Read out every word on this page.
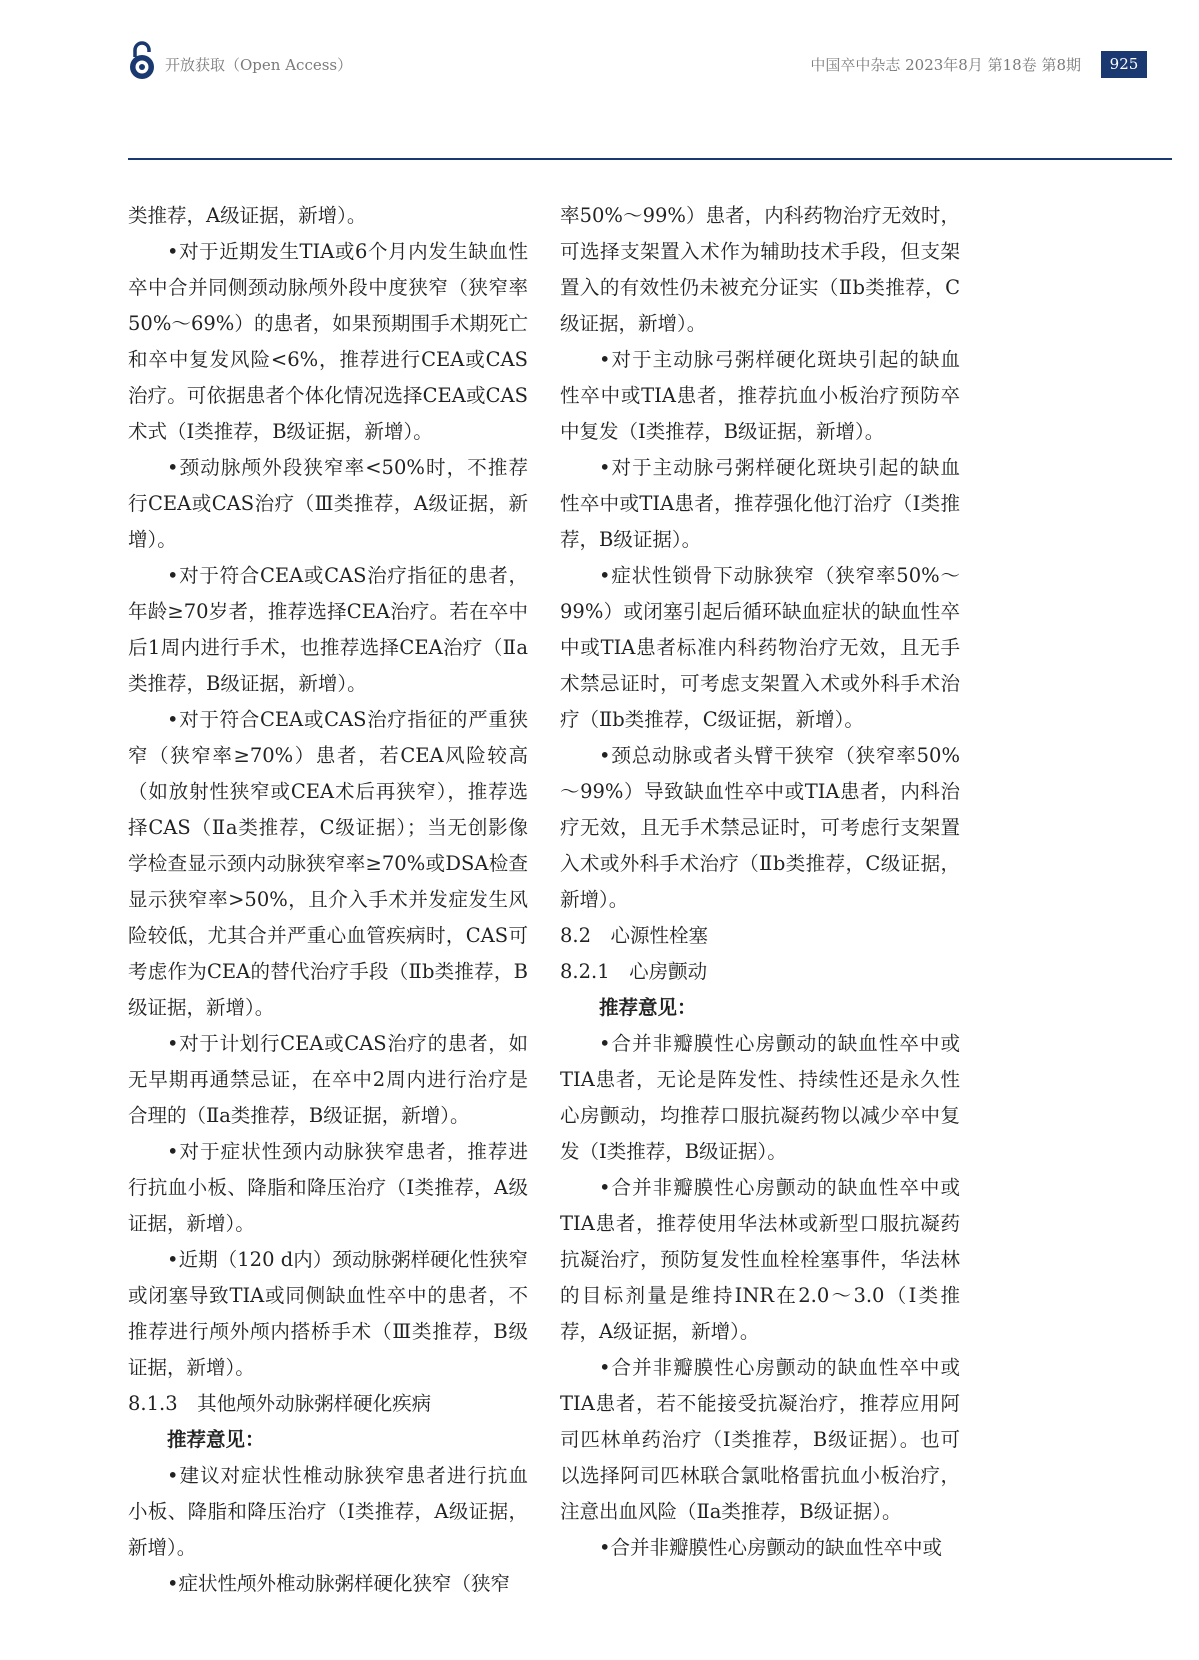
开放获取（Open Access）	中国卒中杂志 2023年8月 第18卷 第8期	925

类推荐，A级证据，新增）。

•对于近期发生TIA或6个月内发生缺血性卒中合并同侧颈动脉颅外段中度狭窄（狭窄率50%～69%）的患者，如果预期围手术期死亡和卒中复发风险<6%，推荐进行CEA或CAS治疗。可依据患者个体化情况选择CEA或CAS术式（Ⅰ类推荐，B级证据，新增）。

•颈动脉颅外段狭窄率<50%时，不推荐行CEA或CAS治疗（Ⅲ类推荐，A级证据，新增）。

•对于符合CEA或CAS治疗指征的患者，年龄≥70岁者，推荐选择CEA治疗。若在卒中后1周内进行手术，也推荐选择CEA治疗（Ⅱa类推荐，B级证据，新增）。

•对于符合CEA或CAS治疗指征的严重狭窄（狭窄率≥70%）患者，若CEA风险较高（如放射性狭窄或CEA术后再狭窄），推荐选择CAS（Ⅱa类推荐，C级证据）；当无创影像学检查显示颈内动脉狭窄率≥70%或DSA检查显示狭窄率>50%，且介入手术并发症发生风险较低，尤其合并严重心血管疾病时，CAS可考虑作为CEA的替代治疗手段（Ⅱb类推荐，B级证据，新增）。

•对于计划行CEA或CAS治疗的患者，如无早期再通禁忌证，在卒中2周内进行治疗是合理的（Ⅱa类推荐，B级证据，新增）。

•对于症状性颈内动脉狭窄患者，推荐进行抗血小板、降脂和降压治疗（Ⅰ类推荐，A级证据，新增）。

•近期（120 d内）颈动脉粥样硬化性狭窄或闭塞导致TIA或同侧缺血性卒中的患者，不推荐进行颅外颅内搭桥手术（Ⅲ类推荐，B级证据，新增）。

8.1.3　其他颅外动脉粥样硬化疾病

推荐意见：

•建议对症状性椎动脉狭窄患者进行抗血小板、降脂和降压治疗（Ⅰ类推荐，A级证据，新增）。

•症状性颅外椎动脉粥样硬化狭窄（狭窄

率50%～99%）患者，内科药物治疗无效时，可选择支架置入术作为辅助技术手段，但支架置入的有效性仍未被充分证实（Ⅱb类推荐，C级证据，新增）。

•对于主动脉弓粥样硬化斑块引起的缺血性卒中或TIA患者，推荐抗血小板治疗预防卒中复发（Ⅰ类推荐，B级证据，新增）。

•对于主动脉弓粥样硬化斑块引起的缺血性卒中或TIA患者，推荐强化他汀治疗（Ⅰ类推荐，B级证据）。

•症状性锁骨下动脉狭窄（狭窄率50%～99%）或闭塞引起后循环缺血症状的缺血性卒中或TIA患者标准内科药物治疗无效，且无手术禁忌证时，可考虑支架置入术或外科手术治疗（Ⅱb类推荐，C级证据，新增）。

•颈总动脉或者头臂干狭窄（狭窄率50%～99%）导致缺血性卒中或TIA患者，内科治疗无效，且无手术禁忌证时，可考虑行支架置入术或外科手术治疗（Ⅱb类推荐，C级证据，新增）。

8.2　心源性栓塞

8.2.1　心房颤动

推荐意见：

•合并非瓣膜性心房颤动的缺血性卒中或TIA患者，无论是阵发性、持续性还是永久性心房颤动，均推荐口服抗凝药物以减少卒中复发（Ⅰ类推荐，B级证据）。

•合并非瓣膜性心房颤动的缺血性卒中或TIA患者，推荐使用华法林或新型口服抗凝药抗凝治疗，预防复发性血栓栓塞事件，华法林的目标剂量是维持INR在2.0～3.0（Ⅰ类推荐，A级证据，新增）。

•合并非瓣膜性心房颤动的缺血性卒中或TIA患者，若不能接受抗凝治疗，推荐应用阿司匹林单药治疗（Ⅰ类推荐，B级证据）。也可以选择阿司匹林联合氯吡格雷抗血小板治疗，注意出血风险（Ⅱa类推荐，B级证据）。

•合并非瓣膜性心房颤动的缺血性卒中或
